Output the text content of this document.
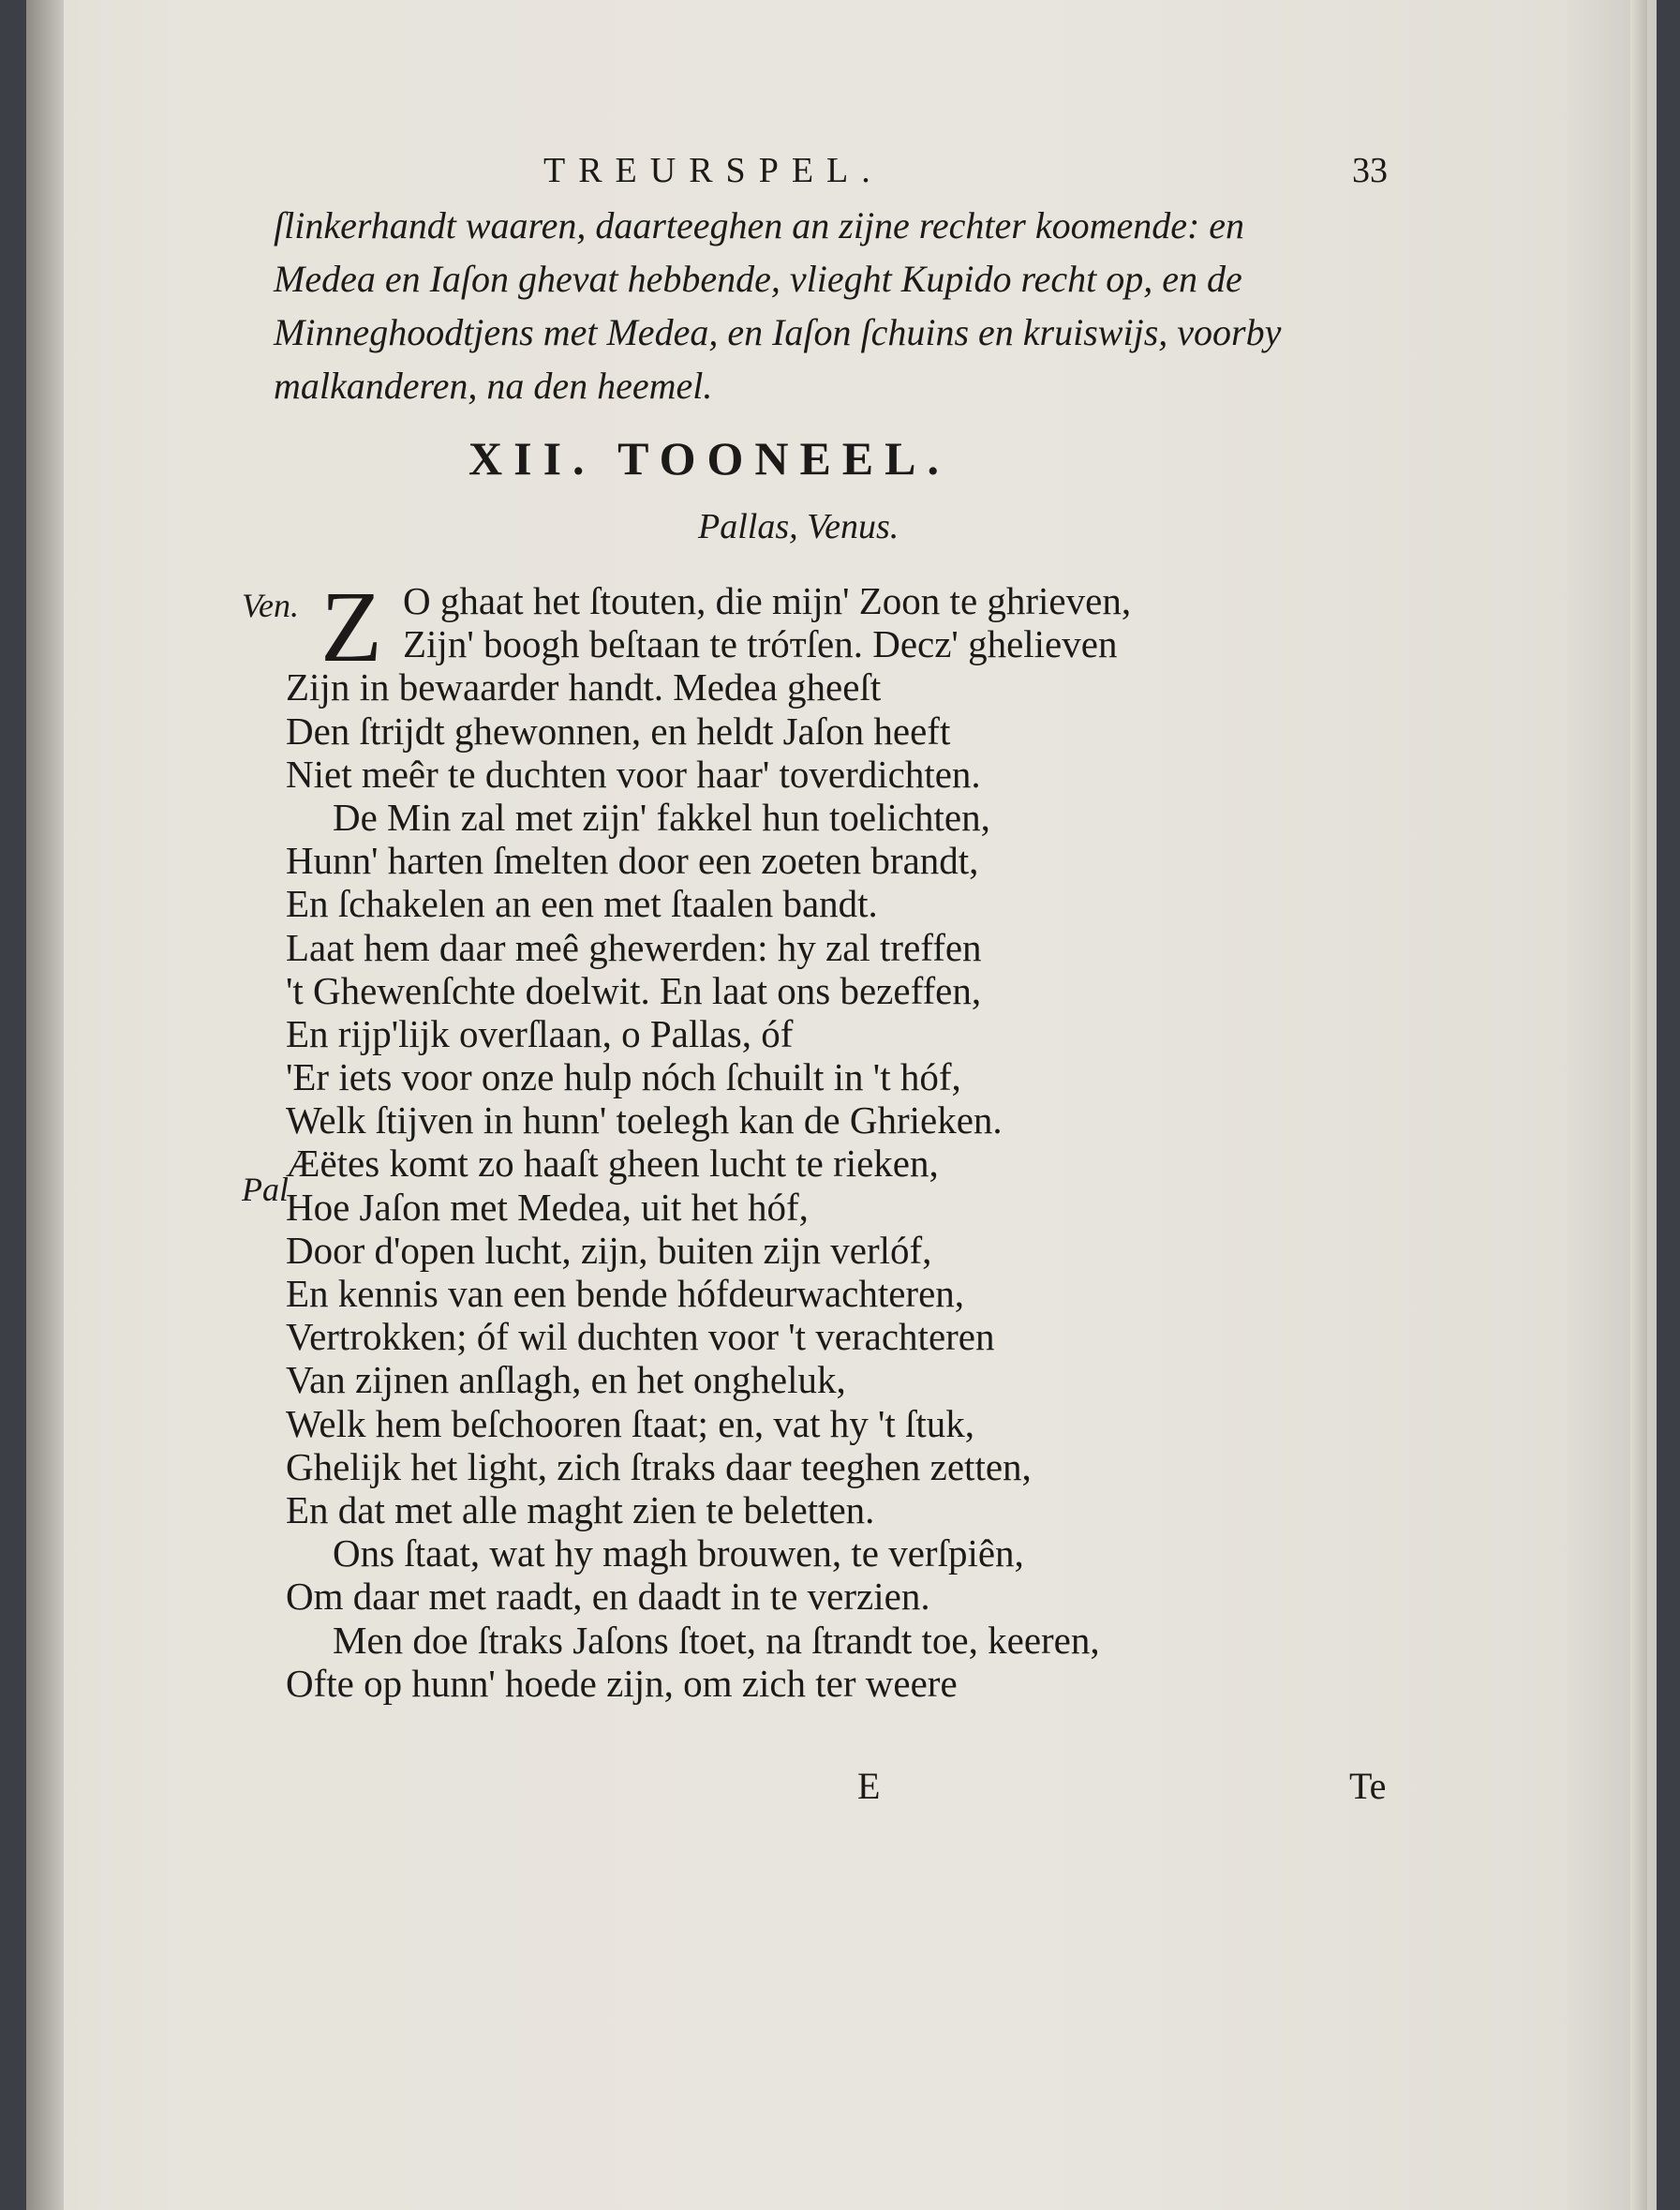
TREURSPEL.	33
ſlinkerhandt waaren, daarteeghen an zijne rechter koomende: en
Medea en Iaſon ghevat hebbende, vlieght Kupido recht op, en de
Minneghoodtjens met Medea, en Iaſon ſchuins en kruiswijs, voorby
malkanderen, na den heemel.
XII. TOONEEL.
Pallas, Venus.
Ven.
Pal.
Z O ghaat het ſtouten, die mijn' Zoon te ghrieven,
Zijn' boogh beſtaan te tróтſen. Decz' ghelieven
Zijn in bewaarder handt. Medea gheeſt
Den ſtrijdt ghewonnen, en heldt Jaſon heeft
Niet meêr te duchten voor haar' toverdichten.
De Min zal met zijn' fakkel hun toelichten,
Hunn' harten ſmelten door een zoeten brandt,
En ſchakelen an een met ſtaalen bandt.
Laat hem daar meê ghewerden: hy zal treffen
't Ghewenſchte doelwit. En laat ons bezeffen,
En rijp'lijk overſlaan, o Pallas, óf
'Er iets voor onze hulp nóch ſchuilt in 't hóf,
Welk ſtijven in hunn' toelegh kan de Ghrieken.
Æëtes komt zo haaſt gheen lucht te rieken,
Hoe Jaſon met Medea, uit het hóf,
Door d'open lucht, zijn, buiten zijn verlóf,
En kennis van een bende hófdeurwachteren,
Vertrokken; óf wil duchten voor 't verachteren
Van zijnen anſlagh, en het ongheluk,
Welk hem beſchooren ſtaat; en, vat hy 't ſtuk,
Ghelijk het light, zich ſtraks daar teeghen zetten,
En dat met alle maght zien te beletten.
Ons ſtaat, wat hy magh brouwen, te verſpiên,
Om daar met raadt, en daadt in te verzien.
Men doe ſtraks Jaſons ſtoet, na ſtrandt toe, keeren,
Ofte op hunn' hoede zijn, om zich ter weere
E	Te
